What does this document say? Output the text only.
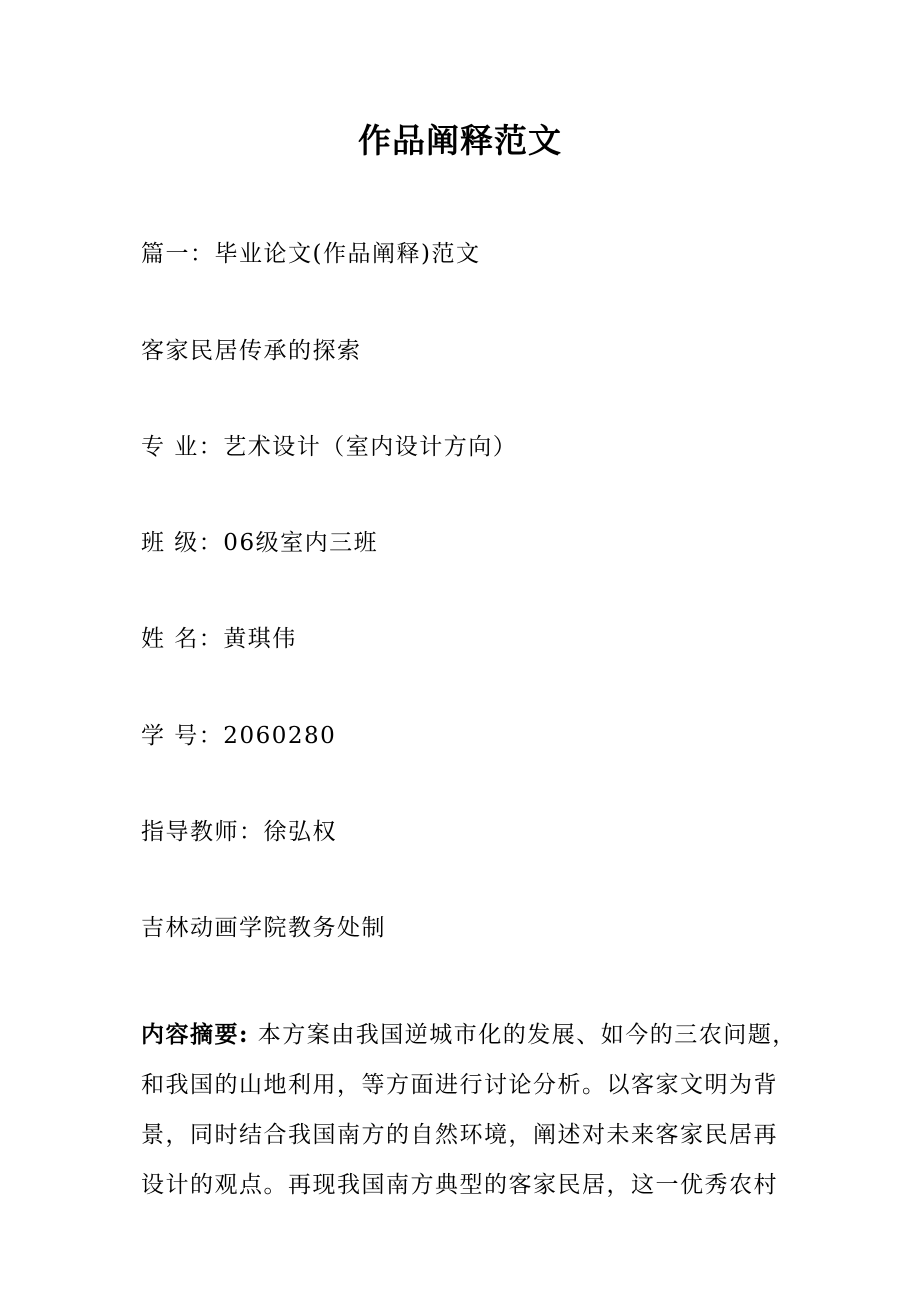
作品阐释范文
篇一：毕业论文(作品阐释)范文
客家民居传承的探索
专 业：艺术设计（室内设计方向）
班 级：06级室内三班
姓 名：黄琪伟
学 号：2060280
指导教师：徐弘权
吉林动画学院教务处制
内容摘要: 本方案由我国逆城市化的发展、如今的三农问题，
和我国的山地利用，等方面进行讨论分析。以客家文明为背
景，同时结合我国南方的自然环境，阐述对未来客家民居再
设计的观点。再现我国南方典型的客家民居，这一优秀农村
